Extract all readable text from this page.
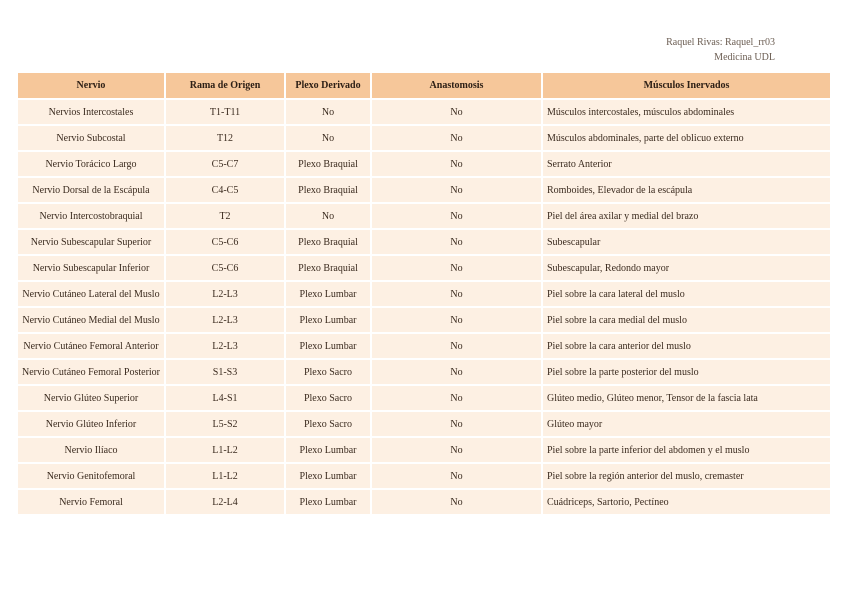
Raquel Rivas: Raquel_rr03
Medicina UDL
Nervio	Rama de Origen	Plexo Derivado	Anastomosis	Músculos Inervados
Nervios Intercostales	T1-T11	No	No	Músculos intercostales, músculos abdominales
Nervio Subcostal	T12	No	No	Músculos abdominales, parte del oblicuo externo
Nervio Torácico Largo	C5-C7	Plexo Braquial	No	Serrato Anterior
Nervio Dorsal de la Escápula	C4-C5	Plexo Braquial	No	Romboides, Elevador de la escápula
Nervio Intercostobraquial	T2	No	No	Piel del área axilar y medial del brazo
Nervio Subescapular Superior	C5-C6	Plexo Braquial	No	Subescapular
Nervio Subescapular Inferior	C5-C6	Plexo Braquial	No	Subescapular, Redondo mayor
Nervio Cutáneo Lateral del Muslo	L2-L3	Plexo Lumbar	No	Piel sobre la cara lateral del muslo
Nervio Cutáneo Medial del Muslo	L2-L3	Plexo Lumbar	No	Piel sobre la cara medial del muslo
Nervio Cutáneo Femoral Anterior	L2-L3	Plexo Lumbar	No	Piel sobre la cara anterior del muslo
Nervio Cutáneo Femoral Posterior	S1-S3	Plexo Sacro	No	Piel sobre la parte posterior del muslo
Nervio Glúteo Superior	L4-S1	Plexo Sacro	No	Glúteo medio, Glúteo menor, Tensor de la fascia lata
Nervio Glúteo Inferior	L5-S2	Plexo Sacro	No	Glúteo mayor
Nervio Ilíaco	L1-L2	Plexo Lumbar	No	Piel sobre la parte inferior del abdomen y el muslo
Nervio Genitofemoral	L1-L2	Plexo Lumbar	No	Piel sobre la región anterior del muslo, cremaster
Nervio Femoral	L2-L4	Plexo Lumbar	No	Cuádriceps, Sartorio, Pectíneo
